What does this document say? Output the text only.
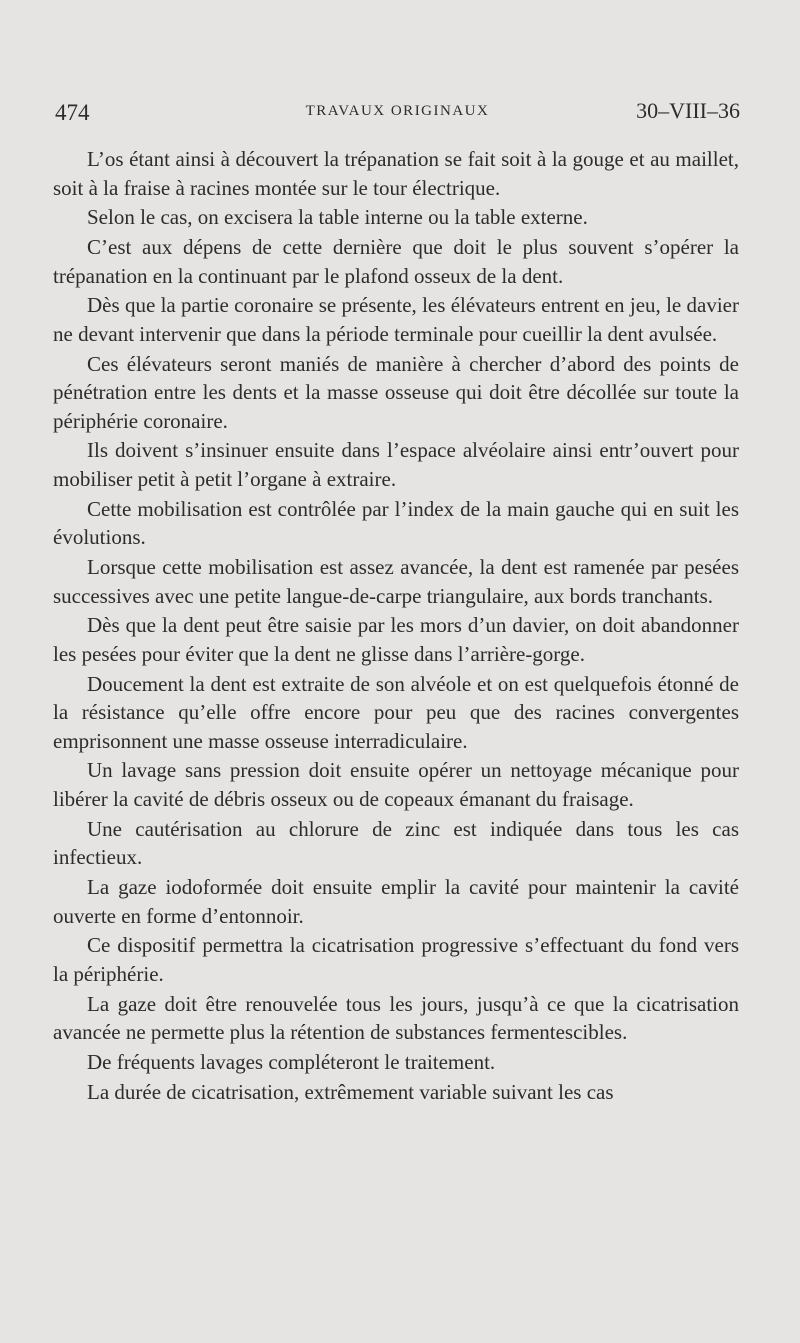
474	TRAVAUX ORIGINAUX	30–VIII–36

L’os étant ainsi à découvert la trépanation se fait soit à la gouge et au maillet, soit à la fraise à racines montée sur le tour électrique.

Selon le cas, on excisera la table interne ou la table externe.

C’est aux dépens de cette dernière que doit le plus souvent s’opérer la trépanation en la continuant par le plafond osseux de la dent.

Dès que la partie coronaire se présente, les élévateurs entrent en jeu, le davier ne devant intervenir que dans la période terminale pour cueillir la dent avulsée.

Ces élévateurs seront maniés de manière à chercher d’abord des points de pénétration entre les dents et la masse osseuse qui doit être décollée sur toute la périphérie coronaire.

Ils doivent s’insinuer ensuite dans l’espace alvéolaire ainsi entr’ouvert pour mobiliser petit à petit l’organe à extraire.

Cette mobilisation est contrôlée par l’index de la main gauche qui en suit les évolutions.

Lorsque cette mobilisation est assez avancée, la dent est ramenée par pesées successives avec une petite langue-de-carpe triangulaire, aux bords tranchants.

Dès que la dent peut être saisie par les mors d’un davier, on doit abandonner les pesées pour éviter que la dent ne glisse dans l’arrière-gorge.

Doucement la dent est extraite de son alvéole et on est quelquefois étonné de la résistance qu’elle offre encore pour peu que des racines convergentes emprisonnent une masse osseuse interradiculaire.

Un lavage sans pression doit ensuite opérer un nettoyage mécanique pour libérer la cavité de débris osseux ou de copeaux émanant du fraisage.

Une cautérisation au chlorure de zinc est indiquée dans tous les cas infectieux.

La gaze iodoformée doit ensuite emplir la cavité pour maintenir la cavité ouverte en forme d’entonnoir.

Ce dispositif permettra la cicatrisation progressive s’effectuant du fond vers la périphérie.

La gaze doit être renouvelée tous les jours, jusqu’à ce que la cicatrisation avancée ne permette plus la rétention de substances fermentescibles.

De fréquents lavages compléteront le traitement.

La durée de cicatrisation, extrêmement variable suivant les cas
